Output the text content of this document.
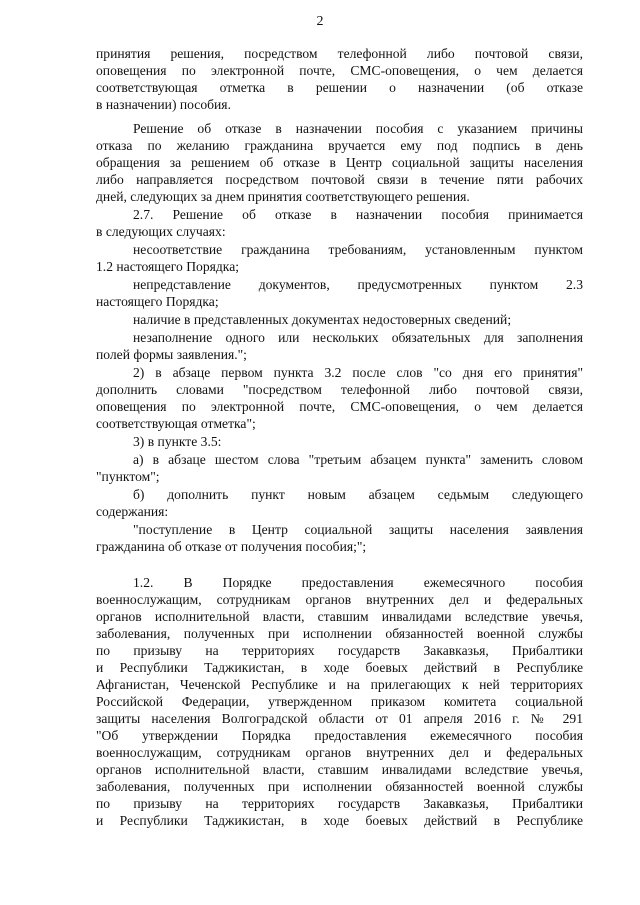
2
принятия решения, посредством телефонной либо почтовой связи,
оповещения по электронной почте, СМС-оповещения, о чем делается
соответствующая отметка в решении о назначении (об отказе
в назначении) пособия.
Решение об отказе в назначении пособия с указанием причины
отказа по желанию гражданина вручается ему под подпись в день
обращения за решением об отказе в Центр социальной защиты населения
либо направляется посредством почтовой связи в течение пяти рабочих
дней, следующих за днем принятия соответствующего решения.
2.7. Решение об отказе в назначении пособия принимается
в следующих случаях:
несоответствие гражданина требованиям, установленным пунктом
1.2 настоящего Порядка;
непредставление документов, предусмотренных пунктом 2.3
настоящего Порядка;
наличие в представленных документах недостоверных сведений;
незаполнение одного или нескольких обязательных для заполнения
полей формы заявления.";
2) в абзаце первом пункта 3.2 после слов "со дня его принятия"
дополнить словами "посредством телефонной либо почтовой связи,
оповещения по электронной почте, СМС-оповещения, о чем делается
соответствующая отметка";
3) в пункте 3.5:
а) в абзаце шестом слова "третьим абзацем пункта" заменить словом
"пунктом";
б) дополнить пункт новым абзацем седьмым следующего
содержания:
"поступление в Центр социальной защиты населения заявления
гражданина об отказе от получения пособия;";
1.2. В Порядке предоставления ежемесячного пособия
военнослужащим, сотрудникам органов внутренних дел и федеральных
органов исполнительной власти, ставшим инвалидами вследствие увечья,
заболевания, полученных при исполнении обязанностей военной службы
по призыву на территориях государств Закавказья, Прибалтики
и Республики Таджикистан, в ходе боевых действий в Республике
Афганистан, Чеченской Республике и на прилегающих к ней территориях
Российской Федерации, утвержденном приказом комитета социальной
защиты населения Волгоградской области от 01 апреля 2016 г. № 291
"Об утверждении Порядка предоставления ежемесячного пособия
военнослужащим, сотрудникам органов внутренних дел и федеральных
органов исполнительной власти, ставшим инвалидами вследствие увечья,
заболевания, полученных при исполнении обязанностей военной службы
по призыву на территориях государств Закавказья, Прибалтики
и Республики Таджикистан, в ходе боевых действий в Республике
